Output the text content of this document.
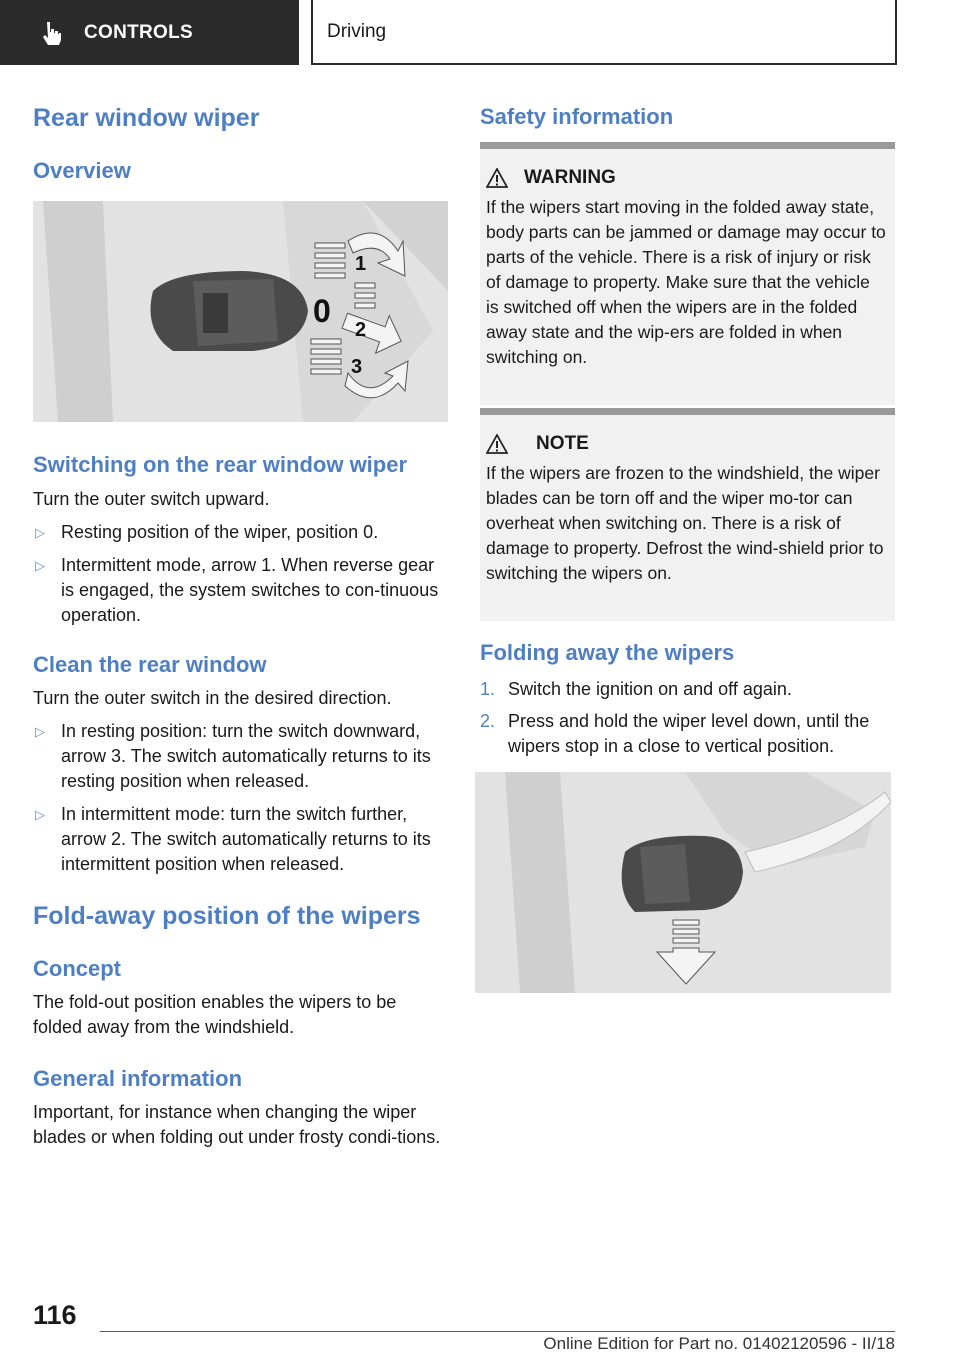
CONTROLS	Driving
Rear window wiper
Overview
0
1
2
3
Switching on the rear window wiper

Turn the outer switch upward.

▷ Resting position of the wiper, position 0.
▷ Intermittent mode, arrow 1. When reverse gear is engaged, the system switches to con‐tinuous operation.
Clean the rear window

Turn the outer switch in the desired direction.

▷ In resting position: turn the switch downward, arrow 3. The switch automatically returns to its resting position when released.
▷ In intermittent mode: turn the switch further, arrow 2. The switch automatically returns to its intermittent position when released.
Fold-away position of the wipers
Concept

The fold-out position enables the wipers to be folded away from the windshield.

General information

Important, for instance when changing the wiper blades or when folding out under frosty condi‐tions.

Safety information
WARNING
If the wipers start moving in the folded away state, body parts can be jammed or damage may occur to parts of the vehicle. There is a risk of injury or risk of damage to property. Make sure that the vehicle is switched off when the wipers are in the folded away state and the wip‐ers are folded in when switching on.
NOTE
If the wipers are frozen to the windshield, the wiper blades can be torn off and the wiper mo‐tor can overheat when switching on. There is a risk of damage to property. Defrost the wind‐shield prior to switching the wipers on.
Folding away the wipers
1. Switch the ignition on and off again.
2. Press and hold the wiper level down, until the wipers stop in a close to vertical position.
116
Online Edition for Part no. 01402120596 - II/18
